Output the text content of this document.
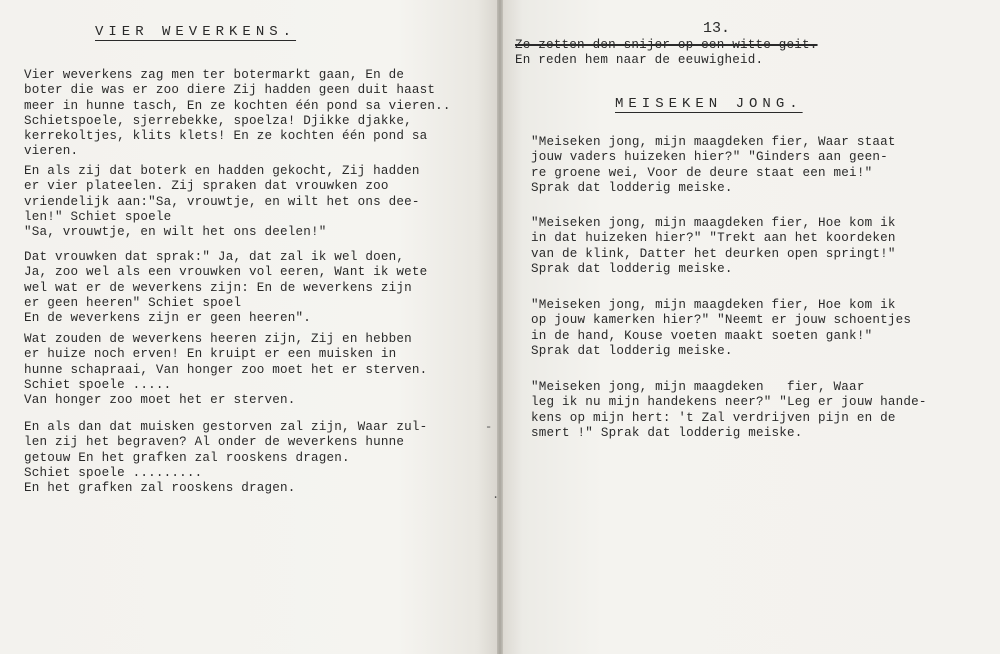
VIER WEVERKENS.
Vier weverkens zag men ter botermarkt gaan, En de
boter die was er zoo diere Zij hadden geen duit haast
meer in hunne tasch, En ze kochten één pond sa vieren..
Schietspoele, sjerrebekke, spoelza! Djikke djakke,
kerrekoltjes, klits klets! En ze kochten één pond sa
vieren.
En als zij dat boterk en hadden gekocht, Zij hadden
er vier plateelen. Zij spraken dat vrouwken zoo
vriendelijk aan:"Sa, vrouwtje, en wilt het ons dee-
len!" Schiet spoele
"Sa, vrouwtje, en wilt het ons deelen!"
Dat vrouwken dat sprak:" Ja, dat zal ik wel doen,
Ja, zoo wel als een vrouwken vol eeren, Want ik wete
wel wat er de weverkens zijn: En de weverkens zijn
er geen heeren" Schiet spoel
En de weverkens zijn er geen heeren".
Wat zouden de weverkens heeren zijn, Zij en hebben
er huize noch erven! En kruipt er een muisken in
hunne schapraai, Van honger zoo moet het er sterven.
Schiet spoele .....
Van honger zoo moet het er sterven.
En als dan dat muisken gestorven zal zijn, Waar zul-
len zij het begraven? Al onder de weverkens hunne
getouw En het grafken zal rooskens dragen.
Schiet spoele .........
En het grafken zal rooskens dragen.
-
.
13.
Ze zetten den snijer op een witte geit.
En reden hem naar de eeuwigheid.
MEISEKEN JONG.
"Meiseken jong, mijn maagdeken fier, Waar staat
jouw vaders huizeken hier?" "Ginders aan geen-
re groene wei, Voor de deure staat een mei!"
Sprak dat lodderig meiske.
"Meiseken jong, mijn maagdeken fier, Hoe kom ik
in dat huizeken hier?" "Trekt aan het koordeken
van de klink, Datter het deurken open springt!"
Sprak dat lodderig meiske.
"Meiseken jong, mijn maagdeken fier, Hoe kom ik
op jouw kamerken hier?" "Neemt er jouw schoentjes
in de hand, Kouse voeten maakt soeten gank!"
Sprak dat lodderig meiske.
"Meiseken jong, mijn maagdeken   fier, Waar
leg ik nu mijn handekens neer?" "Leg er jouw hande-
kens op mijn hert: 't Zal verdrijven pijn en de
smert !" Sprak dat lodderig meiske.
